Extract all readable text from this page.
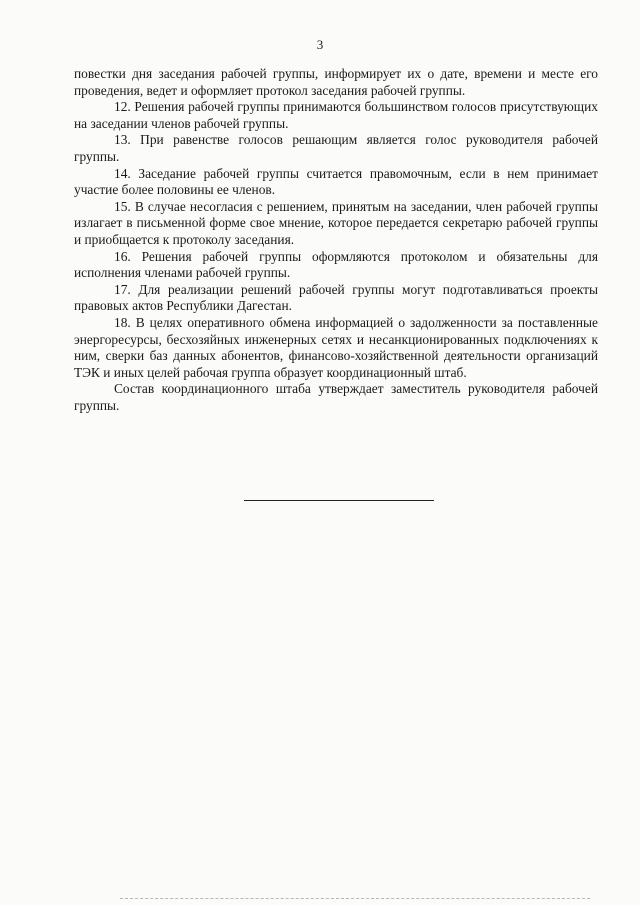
3

повестки дня заседания рабочей группы, информирует их о дате, времени и месте его проведения, ведет и оформляет протокол заседания рабочей группы.

12. Решения рабочей группы принимаются большинством голосов присутствующих на заседании членов рабочей группы.

13. При равенстве голосов решающим является голос руководителя рабочей группы.

14. Заседание рабочей группы считается правомочным, если в нем принимает участие более половины ее членов.

15. В случае несогласия с решением, принятым на заседании, член рабочей группы излагает в письменной форме свое мнение, которое передается секретарю рабочей группы и приобщается к протоколу заседания.

16. Решения рабочей группы оформляются протоколом и обязательны для исполнения членами рабочей группы.

17. Для реализации решений рабочей группы могут подготавливаться проекты правовых актов Республики Дагестан.

18. В целях оперативного обмена информацией о задолженности за поставленные энергоресурсы, бесхозяйных инженерных сетях и несанкционированных подключениях к ним, сверки баз данных абонентов, финансово-хозяйственной деятельности организаций ТЭК и иных целей рабочая группа образует координационный штаб.

Состав координационного штаба утверждает заместитель руководителя рабочей группы.
